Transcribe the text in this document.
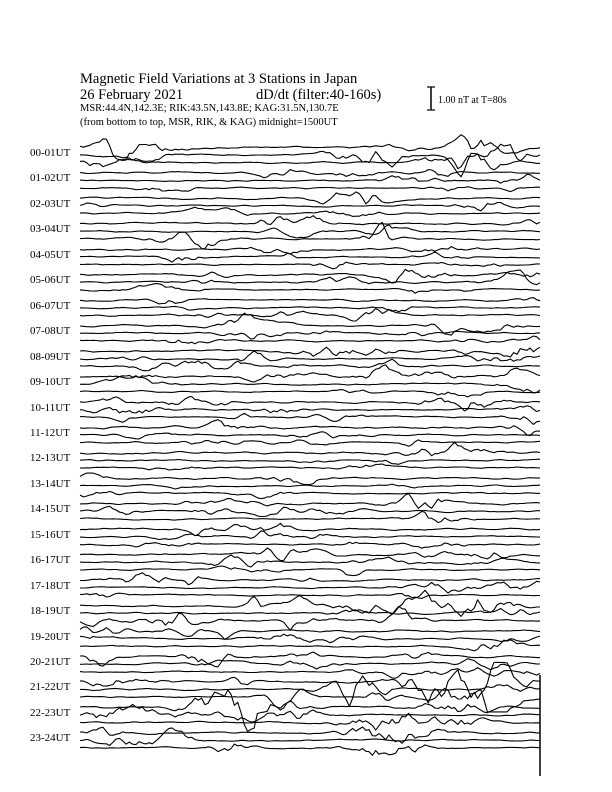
Magnetic Field Variations at 3 Stations in Japan
26 February 2021	dD/dt (filter:40-160s)
MSR:44.4N,142.3E; RIK:43.5N,143.8E; KAG:31.5N,130.7E
(from bottom to top, MSR, RIK, & KAG) midnight=1500UT
1.00 nT at T=80s
00-01UT
01-02UT
02-03UT
03-04UT
04-05UT
05-06UT
06-07UT
07-08UT
08-09UT
09-10UT
10-11UT
11-12UT
12-13UT
13-14UT
14-15UT
15-16UT
16-17UT
17-18UT
18-19UT
19-20UT
20-21UT
21-22UT
22-23UT
23-24UT
